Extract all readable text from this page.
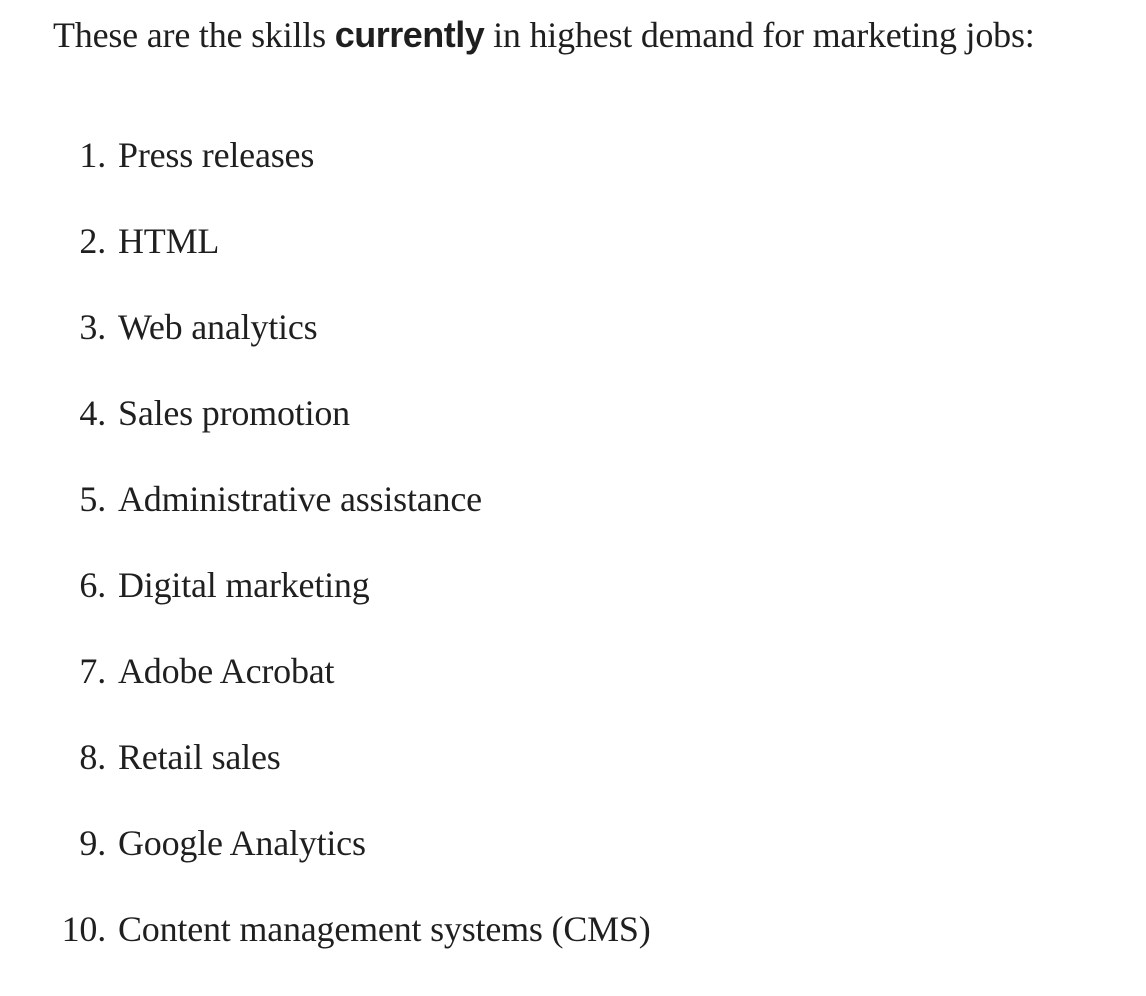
These are the skills currently in highest demand for marketing jobs:

1. Press releases
2. HTML
3. Web analytics
4. Sales promotion
5. Administrative assistance
6. Digital marketing
7. Adobe Acrobat
8. Retail sales
9. Google Analytics
10. Content management systems (CMS)
